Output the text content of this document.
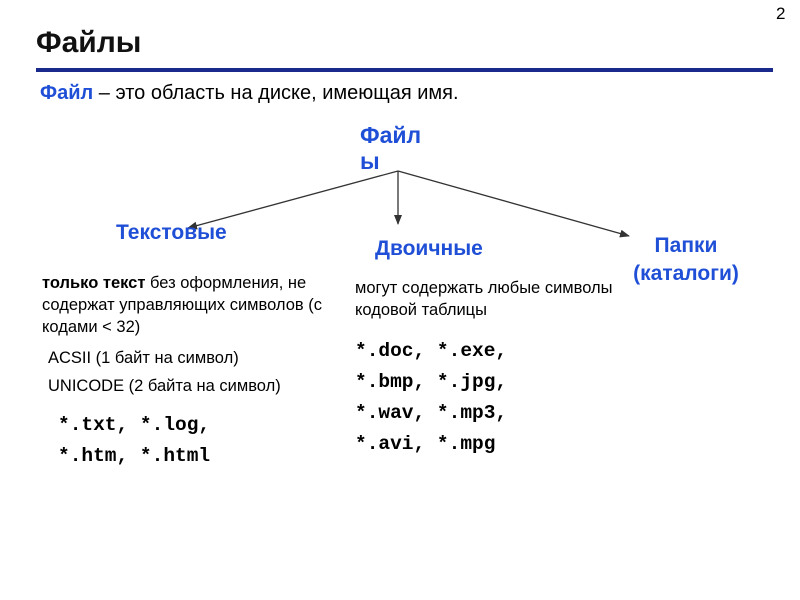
2
Файлы
Файл – это область на диске, имеющая имя.
Файлы
Текстовые
Двоичные	Папки (каталоги)
только текст без оформления, не содержат управляющих символов (с кодами < 32)
ACSII (1 байт на символ)
UNICODE (2 байта на символ)
*.txt, *.log,
*.htm, *.html
могут содержать любые символы кодовой таблицы
*.doc, *.exe,
*.bmp, *.jpg,
*.wav, *.mp3,
*.avi, *.mpg
